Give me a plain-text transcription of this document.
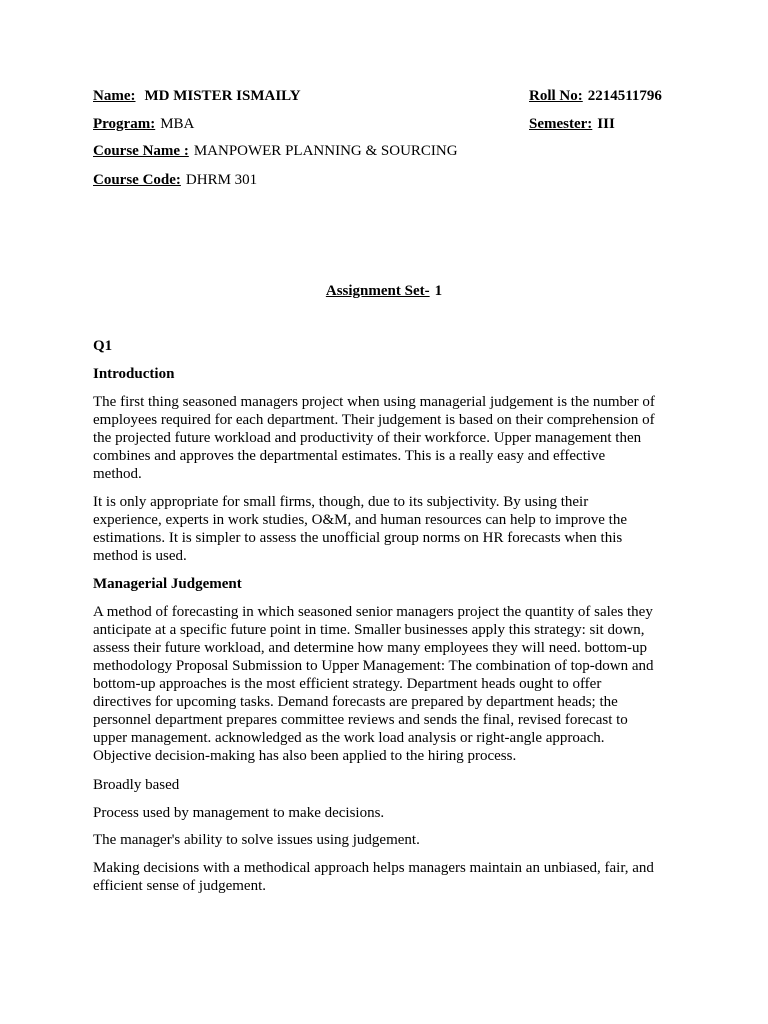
Name: MD MISTER ISMAILY	Roll No: 2214511796
Program: MBA	Semester: III
Course Name : MANPOWER PLANNING & SOURCING
Course Code: DHRM 301
Assignment Set- 1
Q1
Introduction
The first thing seasoned managers project when using managerial judgement is the number of
employees required for each department. Their judgement is based on their comprehension of
the projected future workload and productivity of their workforce. Upper management then
combines and approves the departmental estimates. This is a really easy and effective
method.
It is only appropriate for small firms, though, due to its subjectivity. By using their
experience, experts in work studies, O&M, and human resources can help to improve the
estimations. It is simpler to assess the unofficial group norms on HR forecasts when this
method is used.
Managerial Judgement
A method of forecasting in which seasoned senior managers project the quantity of sales they
anticipate at a specific future point in time. Smaller businesses apply this strategy: sit down,
assess their future workload, and determine how many employees they will need. bottom-up
methodology Proposal Submission to Upper Management: The combination of top-down and
bottom-up approaches is the most efficient strategy. Department heads ought to offer
directives for upcoming tasks. Demand forecasts are prepared by department heads; the
personnel department prepares committee reviews and sends the final, revised forecast to
upper management. acknowledged as the work load analysis or right-angle approach.
Objective decision-making has also been applied to the hiring process.
Broadly based
Process used by management to make decisions.
The manager's ability to solve issues using judgement.
Making decisions with a methodical approach helps managers maintain an unbiased, fair, and
efficient sense of judgement.
